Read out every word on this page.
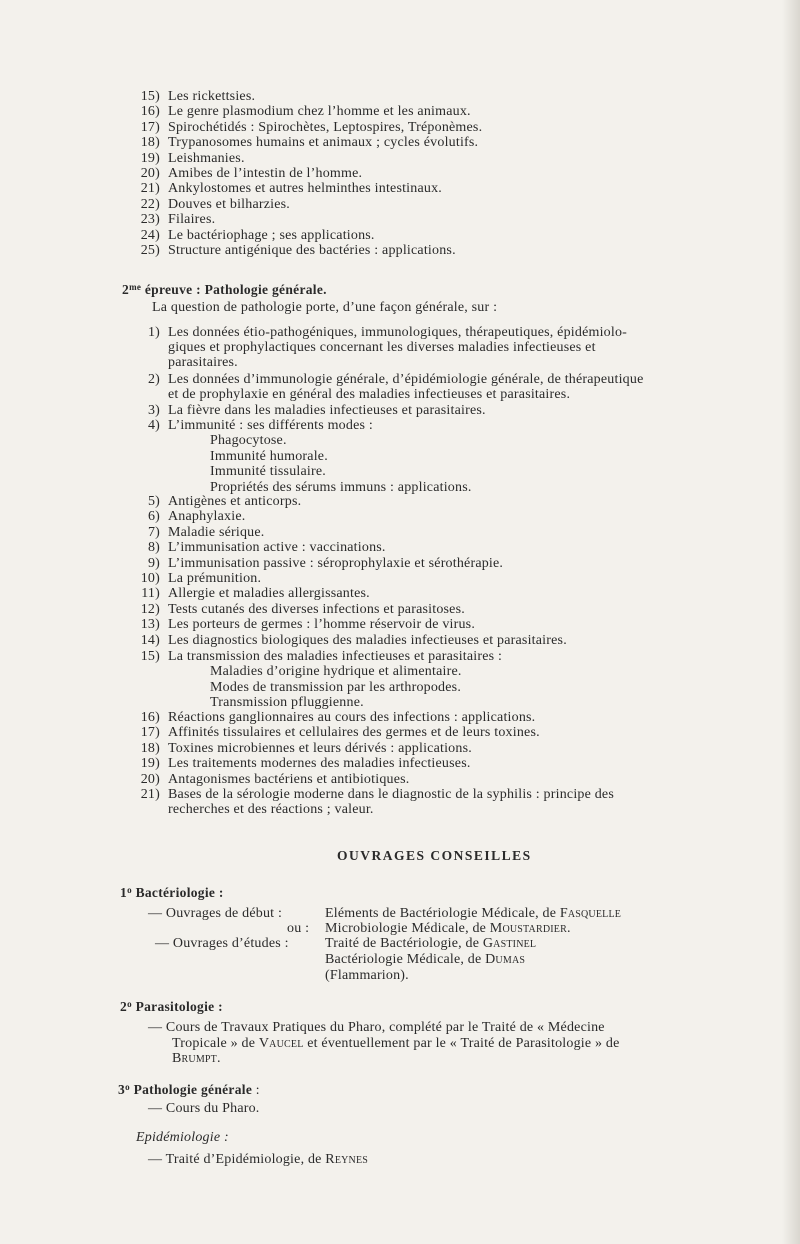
15) Les rickettsies.
16) Le genre plasmodium chez l’homme et les animaux.
17) Spirochétidés : Spirochètes, Leptospires, Tréponèmes.
18) Trypanosomes humains et animaux ; cycles évolutifs.
19) Leishmanies.
20) Amibes de l’intestin de l’homme.
21) Ankylostomes et autres helminthes intestinaux.
22) Douves et bilharzies.
23) Filaires.
24) Le bactériophage ; ses applications.
25) Structure antigénique des bactéries : applications.
$2^{me}$ épreuve : Pathologie générale.
La question de pathologie porte, d’une façon générale, sur :
1) Les données étio-pathogéniques, immunologiques, thérapeutiques, épidémiolo-
giques et prophylactiques concernant les diverses maladies infectieuses et
parasitaires.
2) Les données d’immunologie générale, d’épidémiologie générale, de thérapeutique
et de prophylaxie en général des maladies infectieuses et parasitaires.
3) La fièvre dans les maladies infectieuses et parasitaires.
4) L’immunité : ses différents modes :
Phagocytose.
Immunité humorale.
Immunité tissulaire.
Propriétés des sérums immuns : applications.
5) Antigènes et anticorps.
6) Anaphylaxie.
7) Maladie sérique.
8) L’immunisation active : vaccinations.
9) L’immunisation passive : séroprophylaxie et sérothérapie.
10) La prémunition.
11) Allergie et maladies allergissantes.
12) Tests cutanés des diverses infections et parasitoses.
13) Les porteurs de germes : l’homme réservoir de virus.
14) Les diagnostics biologiques des maladies infectieuses et parasitaires.
15) La transmission des maladies infectieuses et parasitaires :
Maladies d’origine hydrique et alimentaire.
Modes de transmission par les arthropodes.
Transmission pfluggienne.
16) Réactions ganglionnaires au cours des infections : applications.
17) Affinités tissulaires et cellulaires des germes et de leurs toxines.
18) Toxines microbiennes et leurs dérivés : applications.
19) Les traitements modernes des maladies infectieuses.
20) Antagonismes bactériens et antibiotiques.
21) Bases de la sérologie moderne dans le diagnostic de la syphilis : principe des
recherches et des réactions ; valeur.
OUVRAGES CONSEILLES
1$^o$ Bactériologie :
— Ouvrages de début :	Eléments de Bactériologie Médicale, de Fasquelle
ou : Microbiologie Médicale, de Moustardier.
— Ouvrages d’études :	Traité de Bactériologie, de Gastinel
Bactériologie Médicale, de Dumas
(Flammarion).
2$^o$ Parasitologie :
— Cours de Travaux Pratiques du Pharo, complété par le Traité de « Médecine
Tropicale » de Vaucel et éventuellement par le « Traité de Parasitologie » de
Brumpt.
3$^o$ Pathologie générale :
— Cours du Pharo.
Epidémiologie :
— Traité d’Epidémiologie, de Reynes
